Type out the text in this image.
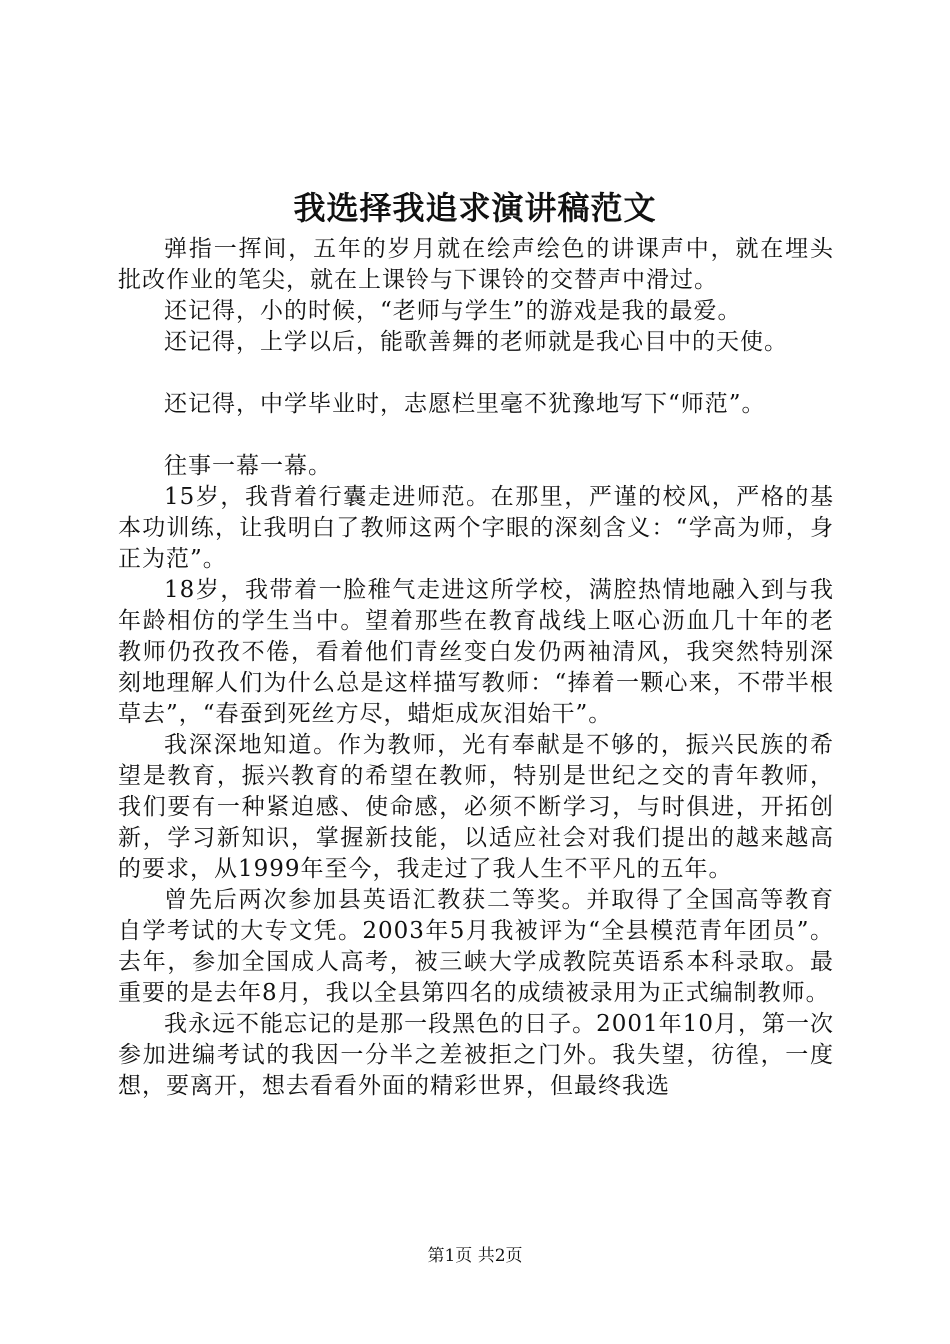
我选择我追求演讲稿范文

弹指一挥间，五年的岁月就在绘声绘色的讲课声中，就在埋头批改作业的笔尖，就在上课铃与下课铃的交替声中滑过。

还记得，小的时候，“老师与学生”的游戏是我的最爱。

还记得，上学以后，能歌善舞的老师就是我心目中的天使。

还记得，中学毕业时，志愿栏里毫不犹豫地写下“师范”。

往事一幕一幕。

15岁，我背着行囊走进师范。在那里，严谨的校风，严格的基本功训练，让我明白了教师这两个字眼的深刻含义：“学高为师，身正为范”。

18岁，我带着一脸稚气走进这所学校，满腔热情地融入到与我年龄相仿的学生当中。望着那些在教育战线上呕心沥血几十年的老教师仍孜孜不倦，看着他们青丝变白发仍两袖清风，我突然特别深刻地理解人们为什么总是这样描写教师：“捧着一颗心来，不带半根草去”，“春蚕到死丝方尽，蜡炬成灰泪始干”。

我深深地知道。作为教师，光有奉献是不够的，振兴民族的希望是教育，振兴教育的希望在教师，特别是世纪之交的青年教师，我们要有一种紧迫感、使命感，必须不断学习，与时俱进，开拓创新，学习新知识，掌握新技能，以适应社会对我们提出的越来越高的要求，从1999年至今，我走过了我人生不平凡的五年。

曾先后两次参加县英语汇教获二等奖。并取得了全国高等教育自学考试的大专文凭。2003年5月我被评为“全县模范青年团员”。去年，参加全国成人高考，被三峡大学成教院英语系本科录取。最重要的是去年8月，我以全县第四名的成绩被录用为正式编制教师。

我永远不能忘记的是那一段黑色的日子。2001年10月，第一次参加进编考试的我因一分半之差被拒之门外。我失望，彷徨，一度想，要离开，想去看看外面的精彩世界，但最终我选

第1页 共2页
